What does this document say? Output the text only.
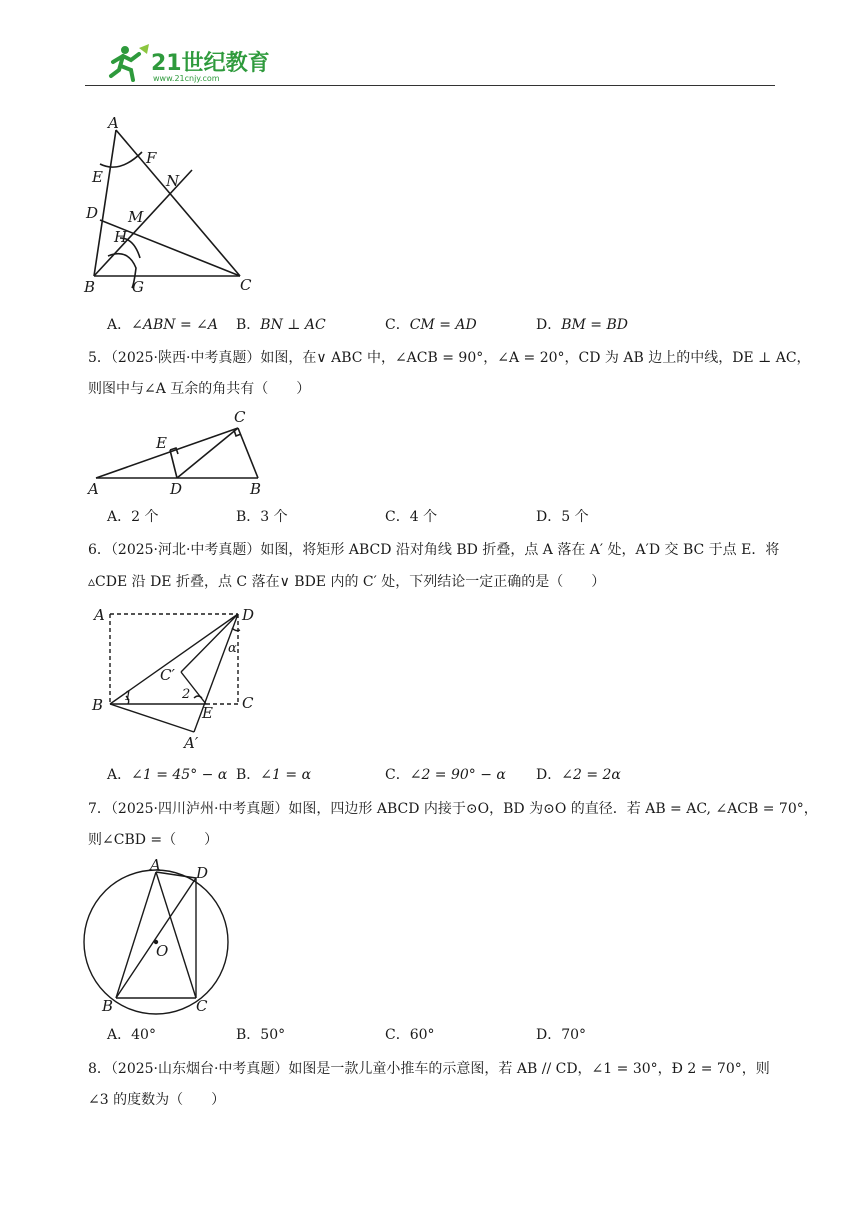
21世纪教育
www.21cnjy.com
A
F
E	N
D M
H
B G	C
A．∠ABN = ∠A B．BN ⊥ AC	C．CM = AD	D．BM = BD
5．（2025·陕西·中考真题）如图，在∨ ABC 中，∠ACB = 90°，∠A = 20°，CD 为 AB 边上的中线，DE ⊥ AC，
则图中与∠A 互余的角共有（　　）
C
E
A	D	B
A．2 个	B．3 个	C．4 个	D．5 个
6．（2025·河北·中考真题）如图，将矩形 ABCD 沿对角线 BD 折叠，点 A 落在 A′ 处，A′D 交 BC 于点 E．将
▵CDE 沿 DE 折叠，点 C 落在∨ BDE 内的 C′ 处，下列结论一定正确的是（　　）
A	D
α
C′
1	2
B	C
E
A′
A．∠1 = 45° − α B．∠1 = α	C．∠2 = 90° − α D．∠2 = 2α
7．（2025·四川泸州·中考真题）如图，四边形 ABCD 内接于⊙O，BD 为⊙O 的直径．若 AB = AC, ∠ACB = 70°，
则∠CBD =（　　）
A D
O
B	C
A．40°	B．50°	C．60°	D．70°
8．（2025·山东烟台·中考真题）如图是一款儿童小推车的示意图，若 AB // CD，∠1 = 30°，Ð 2 = 70°，则
∠3 的度数为（　　）
